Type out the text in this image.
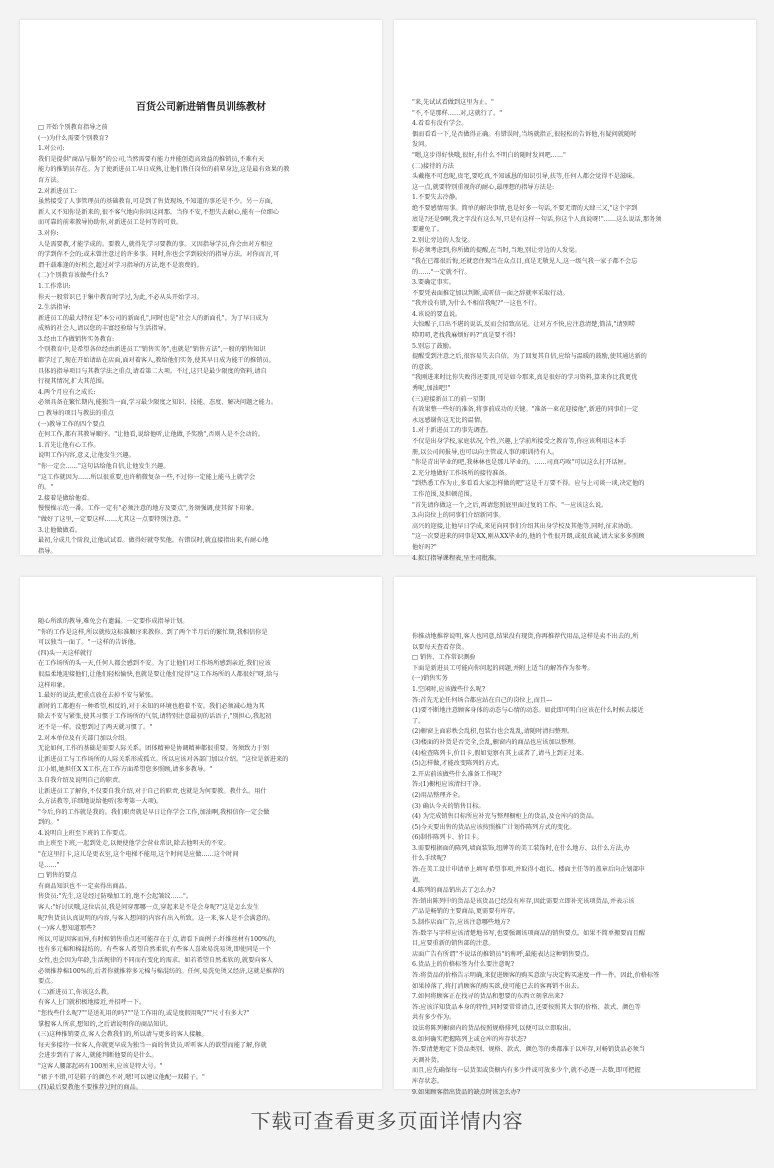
百货公司新进销售员训练教材

□ 开始个别教育指导之前

(一)为什么需要个别教育?

1.对公司:

我们是提供"商品与服务"的公司,当然需要有能力并能创造高效益的推销员,不难有天

能力的推销员存在。为了使新进员工早日成熟,让他们胜任岗位的前辈身边,这是最有效果的教

育方法。

2.对新进员工:

虽然接受了人事管理员的基础教育,可是到了售货现场,不知道的事还是不少。另一方面,

新人又不知你是新来的,很不客气地向你问这问那。当你不安,不想失去耐心,能有一位细心

而可靠的前辈教导协助你,对新进员工是何等的可贵。

3.对你:

人是需要教,才能学成的。要教人,就得先学习要教的事。又因指导学员,你会由对方相应

的学到你不会的;或未曾注意过的许多事。同时,你也会学到较好的指导方法。对你而言,可

谓千载难逢的好机会,超过对学习指导的方法,绝不是浪费的。

(二)个别教育该做些什么?

1.工作常识:

你天一般常识已于集中教育时学过,为此,不必从头开始学习。

2.生活指导:

新进员工的最大特征是"本公司的新面孔",同时也是"社会人的新面孔"。为了早日成为

成熟的社会人,请以您的丰富经验给与生活指导。

3.经由工作做销售实务教育:

个别教育中,是希望各位经由新进员工"销售实务",也就是"销售方法",一般的销售知识

都学过了,现在开始请站在店面,面对着客人,教给他们实务,使其早日成为能干的推销员。

具体的指导项目与其教学法之重点,请看第二大项。不过,这只是最少限度的资料,请自

行视其情况,扩大其范围。

4.两个月应有之成长:

必须具备在繁忙期内,能独当一面,学习最少限度之知识、技能、态度、解决问题之能力。

□ 教导的项目与教法的重点

(一)教导工作的四个要点

在何工作,都有其教导顺序。"让他看,说给他听,让他做,予奖励",否则人是不会动的。

1.首先让他有心工作。

说明工作内容,意义,让他发生兴趣。

"你一定会……"这句话给他自信,让他发生兴趣。

"这工作就因为……所以很重要,也许稍微复杂一些,不过你一定能上能马上就学会

的。"

2.接着是做给他看。

慢慢操示范一番。工作一定有"必须注意的地方及要点",务须强调,使其留下印象。

"做好了这里,一定要这样……尤其这一点要特别注意。"

3.让他做做看。

最初,分成几个阶段,让他试试看。做得好就夸奖他。有错误时,就直接指出来,有耐心地

指导。

"来,先试试看做到这里为止。"

"不,不是那样……对,这就行了。"

4.看看有没有学会。

偶而看看一下,是否做得正确。有错误时,当场就指正,很轻松的告诉他,有疑问就随时

发问。

"嗯,这步得好快哦,很好,有什么不明白的随时发问吧……"

(二)接待的方法

头戴拖不可怠呢,贵宅,要吃真,不知诚恳的知识引导,扶等,任何人都会觉得不是滋味。

这一点,就要特别重视你的耐心,最理想的指导方法是:

1.不要失去冷静。

绝不要感情用事。简单的解决事情,也是好多一句话,不要无谓的大肆三又,"这个字到

底是?还是9啊,我之字没有这么写,只是有这样一句话,你这个人真说呀!"……这么说话,那务须

要避免了。

2.别让旁边的人发觉。

你必须考虑到,你所做的提醒,在当时,当地,别让旁边的人发觉。

"我在已都很后悔,还就恋住现当在众点目,真是无敬见人,这一级气我一家子都不会忘

的……"一定就不行。

3.要确定事实。

不要凭表面推定加以判断,或听信一面之辞就率采取行动。

"我并没有错,为什么不相信我呢?"一这也不行。

4.该说的要直说。

大惊醒子,口出不堪的说话,反而会招致高见。让对方不快,应注意清楚,简洁,"请别唠

唠叨叨,老找我麻烦好吗?"真是要不得!

5.别忘了鼓励。

提醒受到注意之后,很容易失去自信。为了回复其自信,应给与温暖的鼓励,使其通达新的

的意欲。

"我刚进来时比你失败得还要顶,可是如今那来,真是很好的学习资料,算来你比我更优

秀呢,加油吧!"

(三)迎接新员工的前一星期

有效果整一些好的准备,将事前成功的关键。"准备一束花迎接他",新进的同事们一定

永远感谢你这无比的温情。

1.对于新进员工的事先调查。

不仅是出身学校,家庭状况,个性,兴趣,上学前所接受之教育等,你应该利用这本手

册,以公司间报导,也可以向主管或人事的职训持有人。

"你是青出毕业的吧,我林林也是那儿毕业的。……司真巧唉"可以这么打开话匣。

2.充分地做好工作场所的接待准备。

"到热悉工作为止,多看看大家怎样做的吧"这是千万要不得。应与上司谈一谈,决定他的

工作范围,及担顿范围。

"首先请你做这一个,之后,再请您照底里面过复的工作。"一应该这么说。

3.向岗位上的同事们介绍新同事。

高兴的迎接,让他早日学成,来见向同事们介绍其出身学校及其他等,同时,征求协助。

"这一次要进来的同事是XX,刚从XX毕业的,他的个性很开朗,或很真诚,请大家多多照顾

他好吗?"

4.拟订指导课程表,呈主司批准。

随心所欲的教导,难免会有遗漏。一定要作成指导计划。

"你的工作是这样,所以就按这标准顺序来教你。到了两个半月后的繁忙期,我相信你是

可以独当一面了。"一这样的告诉他。

(四)头一天这样就行

在工作场所的头一天,任何人都会感到不安。为了让他们对工作场所感到亲近,我们应该

很温柔地迎接他们,让他们轻松愉快,也就是要让他们觉得"这工作场所的人都很好"呀,给与

这样印象。

1.最好的说法,把重点放在去掉不安与紧张。

新时的工都抱有一种希望,相反的,对于未知的环境也抱着不安。我们必须减心地为其

除去不安与紧张,使其习惯于工作场所的气氛,请特别注意最初的话语子,"别担心,我起初

还不是一样。没想到过了两天就习惯了。"

2.对本单位及有关部门加以介绍。

无论如何,工作的基础是需要人际关系。团体精神是协调精神都很重要。务须致力于别

让新进员工与工作场所的人际关系形成孤立。所以应该对各部门加以介绍。"这位是新进来的

江小姐,她担任X X工作,在工作方面希望您多照顾,请多多教导。"

3.自我介绍及说明自己的职责。

让新进员工了解你,不仅要自我介绍,对于自己的职责,也就是为何要教。教什么。用什

么方法教等,详细地说给他听(参考第一大项)。

"今后,你的工作就是我的。我们职责就是早日让你学会工作,加油啊,我相信你一定会做

到的。"

4.说明自上班至下班的工作要点。

由上班至下班,一起到处走,以便使他学会营业常识,除去他明天的不安。

"在这里打卡,这儿是更衣室,这个电梯不能用,这个时间是应做……这个时间

是……"

□ 销售的要点

有商品知识也不一定卖得出商品。

售货员:"先生,这是经过防噪加工的,绝不会起皱纹……"。

客人:"好讨厌哦,这位店员,我是问穿那哪一点,穿起来是不是会身呢?"这是怎么发生

呢?售货员认真说明的内容,与客人想问的内容有出入所致。这一来,客人是不会满意的。

(一)客人想知道那些?

所以,可说因客而异,有时候销售重点还可能存在于点,请看下面例子:纤维丝材有100%的,

也有多元棉和棉混纺的。有些客人希望自然柔软,有些客人喜欢易洗易烫,即使同是一个

女性,也会因为年龄,生活规律的不同而有变化的需求。如若希望自然柔软的,就要向客人

必须推荐棉100%的,后者你就推荐多元棉与棉混纺的。任何,易洗免烫又经济,这就是推荐的

要点。

(二)新进员工,你该这么教。

有客人上门就积极地接近,并招呼一下。

"您找些什么呢?""是送礼用的吗?""是工作用的,或是度假用呢?""尺寸有多大?"

掌握客人所求,想知的,之后请说明你的商品知识。

(三)这种推销要点,客人会教我们的,所以请与更多的客人接触。

每天多接待一位客人,你就更早成为独当一面的售货员,听听客人的欲望而能了解,你就

会进步到有了客人,就能判断他要的是什么。

"这客人腰部起码有100厘米,应该是特大号。"

"裙子不错,可是鞋子的颜色不对,嗯!可以建议他配一双鞋子。"

(四)最后要教他不要推荐过时的商品。

你推动地推荐说明,客人也同意,结果没有现货,你再推荐代用品,这样是卖不出去的,所

以要每天查看存货。

□ 销售、工作常识测验

下面是新进员工可能向你问起的问题,并附上适当的解答作为参考。

(一)销售实务

1.空闲时,应该做些什么呢?

答:首先无论任何场合都应站在自己的岗位上,而且—

(1)要不断地注意顾客身体的动态与心情的动态。如此即可明白应该在什么时候去接近

了。

(2)橱窗上面彩秩会乱积,包装台也会乱乱,请随时清扫整理。

(3)楼面的补货是否完全,会乱,橱窗内的商品也应该加以整理。

(4)检查陈列卡,价目卡,假如觉察有其上或者了,请马上到正过来。

(5)怎样做,才能改变陈列的方式。

2.开店前该做些什么准备工作呢?

答:(1)橱柜应该清扫干净。

(2)用品整理齐全。

(3) 确认今天的销售目标。

(4) 为完成销售目标所应补充与整理橱柜上的货品,及仓库内的货品。

(5)今天要出售的货品应该按照推广计划作陈列方式的变化。

(6)制作陈列卡、价目卡。

3.需要根据面的陈列,墙面装饰,纽牌等的美工装饰时,在什么地方、以什么方法,办

什么手续呢?

答:在美工设计申请单上填写希望事项,并取得小组长、楼面主任等的盖章后向企划部申

请。

4.陈列的商品销出去了怎么办?

答:销出陈列中的货品是该货品已经没有库存,因此需要立即补充该项货品,并表示该

产品是畅销的主要商品,更需要有库存。

5.制作店面广告,应该注意哪些地方?

答:数字与字样应该清楚地书写,也要强调该项商品的销售要点。如果不简单搬要而且醒

目,应要重新的销售部的注意。

店面广告有所谓"不说话的推销员"的称呼,最能表达这种销售要点。

6.货品上的价格标签为什么要注意呢?

答:将货品的价格告示明确,来促进顾客的购买意欲与决定购买速度一件一件。因此,价格标签

如果掉落了,将打消顾客的购买欲,使可能已去的客再销不出去。

7.如何将顾客正在找寻的货品和想要的东西立刻拿出来?

答:应该详知货品本身的特性,同时要常常清点,还要按照其大事的价格、款式、颜色等

共有多少作为。

设法将陈列橱窗内的货品按照规格排列,以便可以立即取出。

8.如何确实把握陈列上或仓库的库存状态?

答:要清楚地定下货品类别、规格、款式、颜色等的类都准于以库存,对畅销货品必须当

天调补货。

而且,应先确保每一层货架或货橱内有多少件或可放多少个,就不必逐一去数,即可把握

库存状态。

9.如果顾客指出货品的缺点时该怎么办?

下载可查看更多页面详情内容
